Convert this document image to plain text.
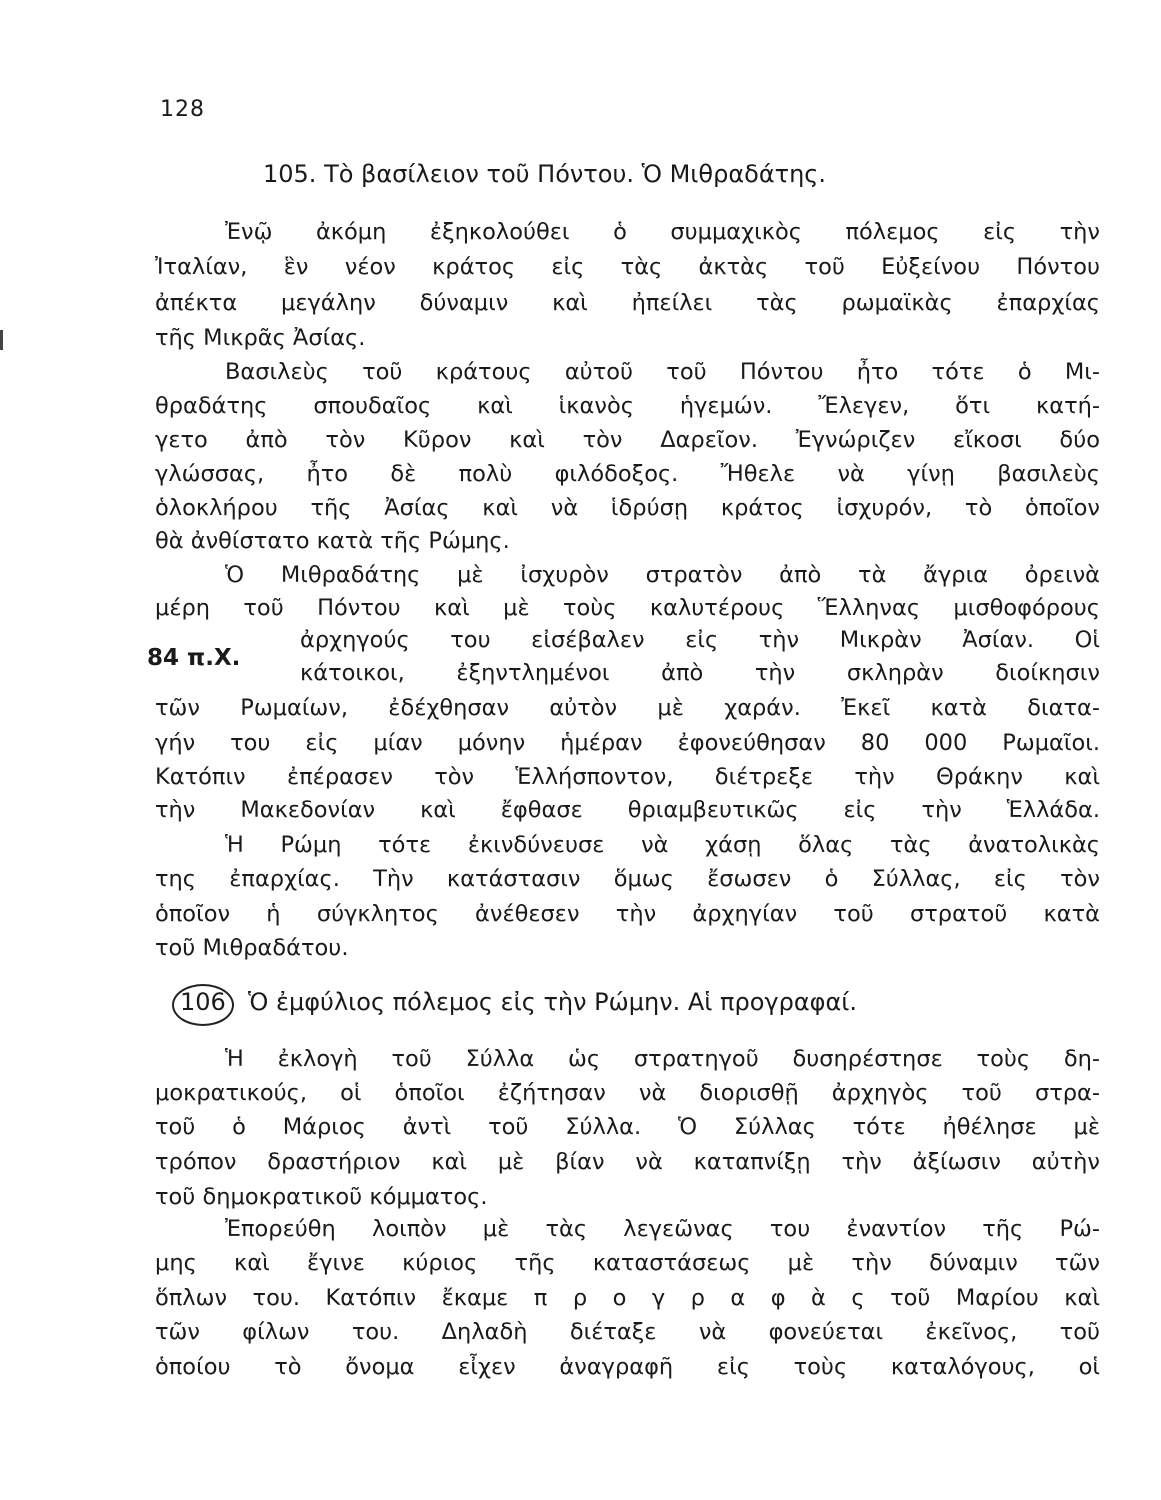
128
105. Τὸ βασίλειον τοῦ Πόντου. Ὁ Μιθραδάτης.
Ἐνῷ ἀκόμη ἐξηκολούθει ὁ συμμαχικὸς πόλεμος εἰς τὴν
Ἰταλίαν, ἓν νέον κράτος εἰς τὰς ἀκτὰς τοῦ Εὐξείνου Πόντου
ἀπέκτα μεγάλην δύναμιν καὶ ἠπείλει τὰς ρωμαϊκὰς ἐπαρχίας
τῆς Μικρᾶς Ἀσίας.
Βασιλεὺς τοῦ κράτους αὐτοῦ τοῦ Πόντου ἦτο τότε ὁ Μι-
θραδάτης σπουδαῖος καὶ ἱκανὸς ἡγεμών. Ἔλεγεν, ὅτι κατή-
γετο ἀπὸ τὸν Κῦρον καὶ τὸν Δαρεῖον. Ἐγνώριζεν εἴκοσι δύο
γλώσσας, ἦτο δὲ πολὺ φιλόδοξος. Ἤθελε νὰ γίνῃ βασιλεὺς
ὁλοκλήρου τῆς Ἀσίας καὶ νὰ ἱδρύσῃ κράτος ἰσχυρόν, τὸ ὁποῖον
θὰ ἀνθίστατο κατὰ τῆς Ρώμης.
Ὁ Μιθραδάτης μὲ ἰσχυρὸν στρατὸν ἀπὸ τὰ ἄγρια ὀρεινὰ
μέρη τοῦ Πόντου καὶ μὲ τοὺς καλυτέρους Ἕλληνας μισθοφόρους
ἀρχηγούς του εἰσέβαλεν εἰς τὴν Μικρὰν Ἀσίαν. Οἱ
κάτοικοι, ἐξηντλημένοι ἀπὸ τὴν σκληρὰν διοίκησιν
τῶν Ρωμαίων, ἐδέχθησαν αὐτὸν μὲ χαράν. Ἐκεῖ κατὰ διατα-
γήν του εἰς μίαν μόνην ἡμέραν ἐφονεύθησαν 80 000 Ρωμαῖοι.
Κατόπιν ἐπέρασεν τὸν Ἑλλήσποντον, διέτρεξε τὴν Θράκην καὶ
τὴν Μακεδονίαν καὶ ἔφθασε θριαμβευτικῶς εἰς τὴν Ἑλλάδα.
Ἡ Ρώμη τότε ἐκινδύνευσε νὰ χάσῃ ὅλας τὰς ἀνατολικὰς
της ἐπαρχίας. Τὴν κατάστασιν ὅμως ἔσωσεν ὁ Σύλλας, εἰς τὸν
ὁποῖον ἡ σύγκλητος ἀνέθεσεν τὴν ἀρχηγίαν τοῦ στρατοῦ κατὰ
τοῦ Μιθραδάτου.
84 π.Χ.
106 Ὁ ἐμφύλιος πόλεμος εἰς τὴν Ρώμην. Αἱ προγραφαί.
Ἡ ἐκλογὴ τοῦ Σύλλα ὡς στρατηγοῦ δυσηρέστησε τοὺς δη-
μοκρατικούς, οἱ ὁποῖοι ἐζήτησαν νὰ διορισθῇ ἀρχηγὸς τοῦ στρα-
τοῦ ὁ Μάριος ἀντὶ τοῦ Σύλλα. Ὁ Σύλλας τότε ἠθέλησε μὲ
τρόπον δραστήριον καὶ μὲ βίαν νὰ καταπνίξῃ τὴν ἀξίωσιν αὐτὴν
τοῦ δημοκρατικοῦ κόμματος.
Ἐπορεύθη λοιπὸν μὲ τὰς λεγεῶνας του ἐναντίον τῆς Ρώ-
μης καὶ ἔγινε κύριος τῆς καταστάσεως μὲ τὴν δύναμιν τῶν
ὅπλων του. Κατόπιν ἔκαμε π ρ ο γ ρ α φ ὰ ς τοῦ Μαρίου καὶ
τῶν φίλων του. Δηλαδὴ διέταξε νὰ φονεύεται ἐκεῖνος, τοῦ
ὁποίου τὸ ὄνομα εἶχεν ἀναγραφῆ εἰς τοὺς καταλόγους, οἱ
